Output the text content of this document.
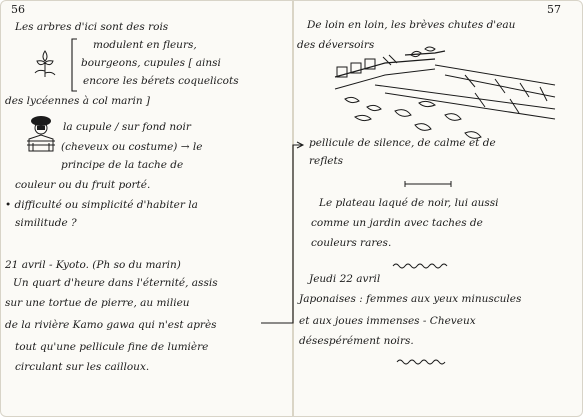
56
Les arbres d'ici sont des rois
modulent en fleurs,
bourgeons, cupules [ ainsi
encore les bérets coquelicots
des lycéennes à col marin ]
la cupule / sur fond noir
(cheveux ou costume) → le
principe de la tache de
couleur ou du fruit porté.
• difficulté ou simplicité d'habiter la
similitude ?
21 avril - Kyoto. (Ph so du marin)
Un quart d'heure dans l'éternité, assis
sur une tortue de pierre, au milieu
de la rivière Kamo gawa qui n'est après
tout qu'une pellicule fine de lumière
circulant sur les cailloux.
57
De loin en loin, les brèves chutes d'eau
des déversoirs
pellicule de silence, de calme et de
reflets
Le plateau laqué de noir, lui aussi
comme un jardin avec taches de
couleurs rares.
Jeudi 22 avril
Japonaises : femmes aux yeux minuscules
et aux joues immenses - Cheveux
désespérément noirs.
